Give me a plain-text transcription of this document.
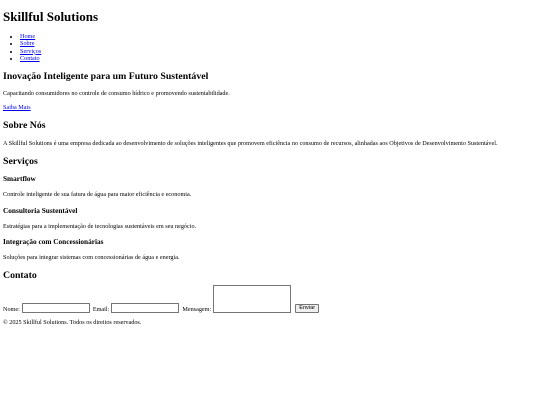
Skillful Solutions
• Home
• Sobre
• Serviços
• Contato
Inovação Inteligente para um Futuro Sustentável

Capacitando consumidores no controle de consumo hídrico e promovendo sustentabilidade.

Saiba Mais
Sobre Nós

A Skillful Solutions é uma empresa dedicada ao desenvolvimento de soluções inteligentes que promovem eficiência no consumo de recursos, alinhadas aos Objetivos de Desenvolvimento Sustentável.

Serviços
Smartflow

Controle inteligente de sua fatura de água para maior eficiência e economia.

Consultoria Sustentável

Estratégias para a implementação de tecnologias sustentáveis em seu negócio.

Integração com Concessionárias

Soluções para integrar sistemas com concessionárias de água e energia.

Contato
Nome:	Email:	Mensagem:	Enviar

© 2025 Skillful Solutions. Todos os direitos reservados.
